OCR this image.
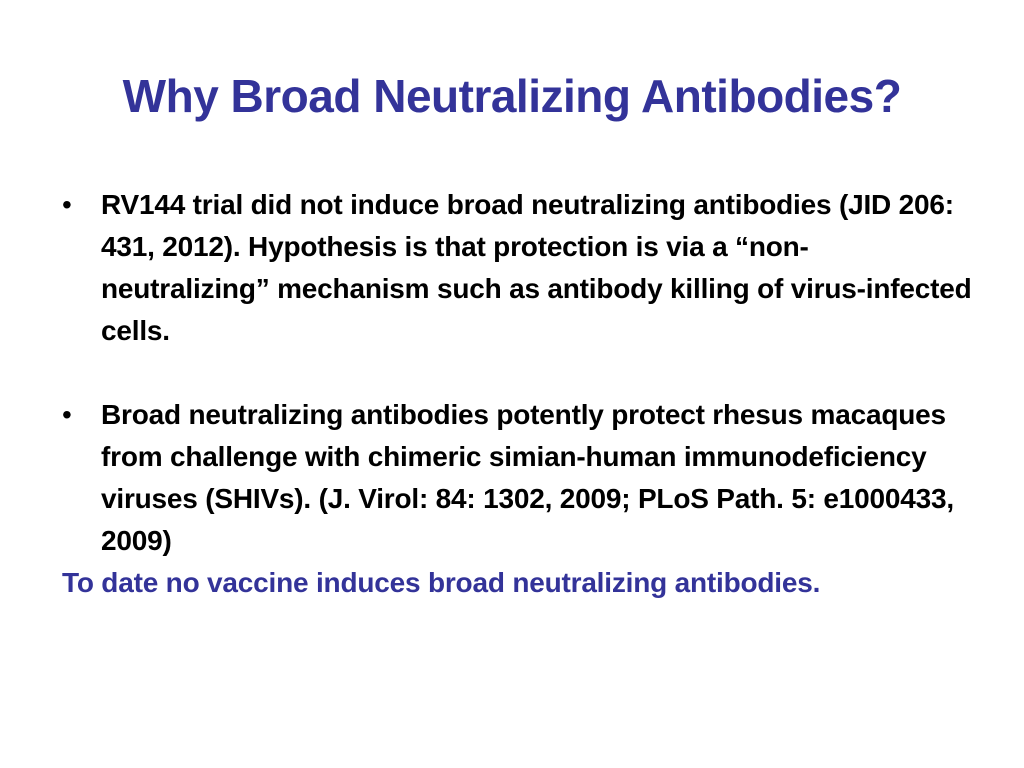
Why Broad Neutralizing Antibodies?

•	RV144 trial did not induce broad neutralizing antibodies (JID 206: 431, 2012). Hypothesis is that protection is via a “non-neutralizing” mechanism such as antibody killing of virus-infected cells.

•	Broad neutralizing antibodies potently protect rhesus macaques from challenge with chimeric simian-human immunodeficiency viruses (SHIVs). (J. Virol: 84: 1302, 2009; PLoS Path. 5: e1000433, 2009)

To date no vaccine induces broad neutralizing antibodies.
